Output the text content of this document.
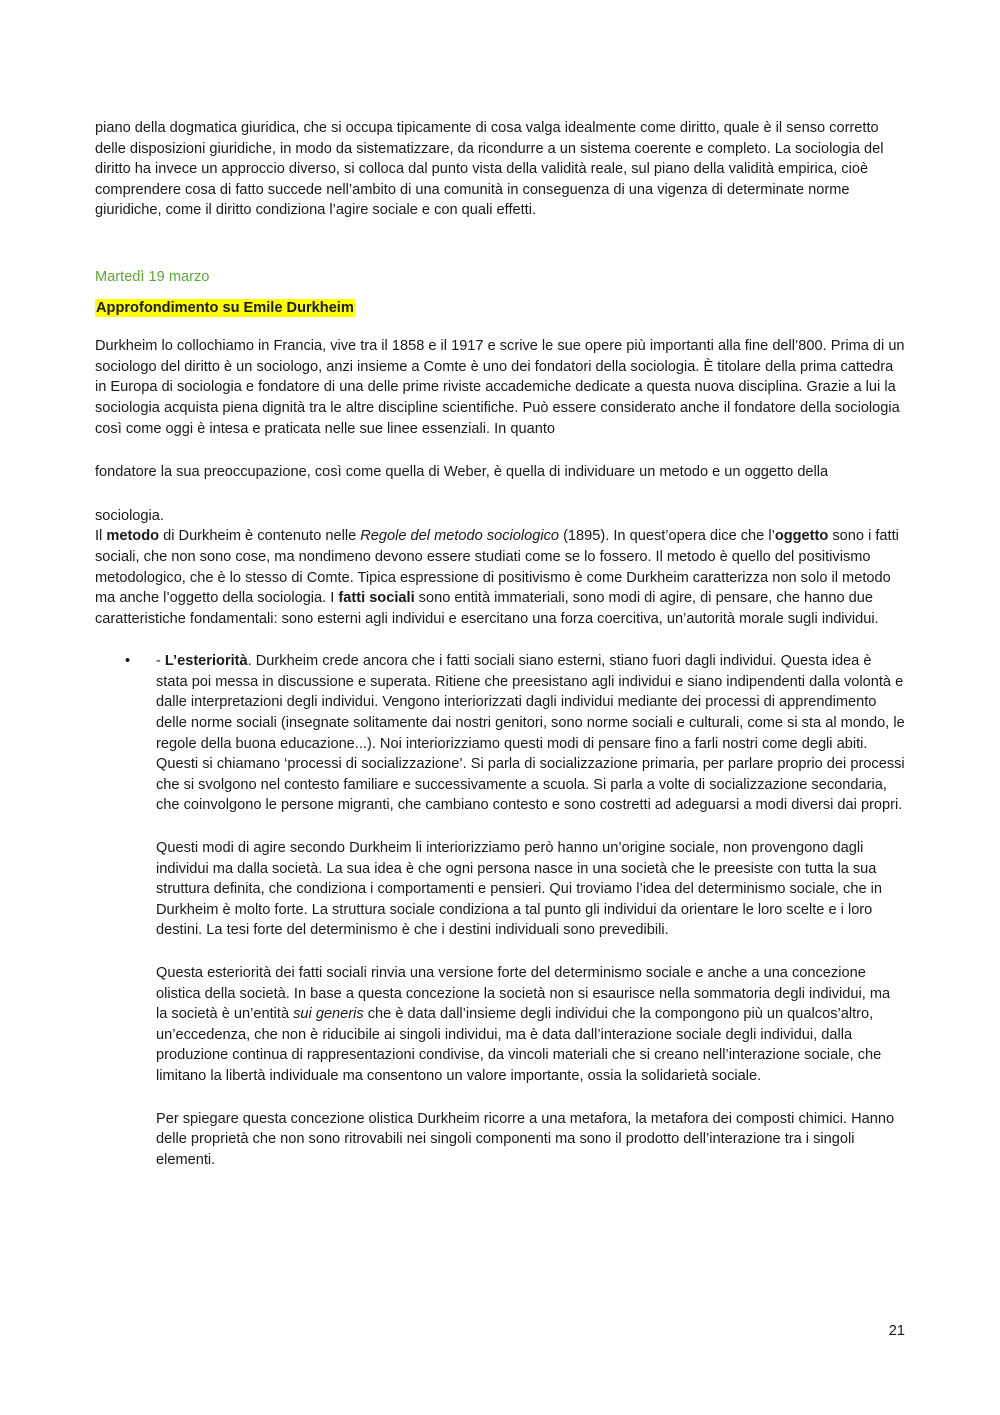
piano della dogmatica giuridica, che si occupa tipicamente di cosa valga idealmente come diritto, quale è il senso corretto delle disposizioni giuridiche, in modo da sistematizzare, da ricondurre a un sistema coerente e completo. La sociologia del diritto ha invece un approccio diverso, si colloca dal punto vista della validità reale, sul piano della validità empirica, cioè comprendere cosa di fatto succede nell’ambito di una comunità in conseguenza di una vigenza di determinate norme giuridiche, come il diritto condiziona l’agire sociale e con quali effetti.

Martedì 19 marzo

Approfondimento su Emile Durkheim

Durkheim lo collochiamo in Francia, vive tra il 1858 e il 1917 e scrive le sue opere più importanti alla fine dell’800. Prima di un sociologo del diritto è un sociologo, anzi insieme a Comte è uno dei fondatori della sociologia. È titolare della prima cattedra in Europa di sociologia e fondatore di una delle prime riviste accademiche dedicate a questa nuova disciplina. Grazie a lui la sociologia acquista piena dignità tra le altre discipline scientifiche. Può essere considerato anche il fondatore della sociologia così come oggi è intesa e praticata nelle sue linee essenziali. In quanto

fondatore la sua preoccupazione, così come quella di Weber, è quella di individuare un metodo e un oggetto della

sociologia.
Il metodo di Durkheim è contenuto nelle Regole del metodo sociologico (1895). In quest’opera dice che l’oggetto sono i fatti sociali, che non sono cose, ma nondimeno devono essere studiati come se lo fossero. Il metodo è quello del positivismo metodologico, che è lo stesso di Comte. Tipica espressione di positivismo è come Durkheim caratterizza non solo il metodo ma anche l’oggetto della sociologia. I fatti sociali sono entità immateriali, sono modi di agire, di pensare, che hanno due caratteristiche fondamentali: sono esterni agli individui e esercitano una forza coercitiva, un’autorità morale sugli individui.

• - L’esteriorità. Durkheim crede ancora che i fatti sociali siano esterni, stiano fuori dagli individui. Questa idea è stata poi messa in discussione e superata. Ritiene che preesistano agli individui e siano indipendenti dalla volontà e dalle interpretazioni degli individui. Vengono interiorizzati dagli individui mediante dei processi di apprendimento delle norme sociali (insegnate solitamente dai nostri genitori, sono norme sociali e culturali, come si sta al mondo, le regole della buona educazione...). Noi interiorizziamo questi modi di pensare fino a farli nostri come degli abiti. Questi si chiamano ‘processi di socializzazione’. Si parla di socializzazione primaria, per parlare proprio dei processi che si svolgono nel contesto familiare e successivamente a scuola. Si parla a volte di socializzazione secondaria, che coinvolgono le persone migranti, che cambiano contesto e sono costretti ad adeguarsi a modi diversi dai propri.

Questi modi di agire secondo Durkheim li interiorizziamo però hanno un’origine sociale, non provengono dagli individui ma dalla società. La sua idea è che ogni persona nasce in una società che le preesiste con tutta la sua struttura definita, che condiziona i comportamenti e pensieri. Qui troviamo l’idea del determinismo sociale, che in Durkheim è molto forte. La struttura sociale condiziona a tal punto gli individui da orientare le loro scelte e i loro destini. La tesi forte del determinismo è che i destini individuali sono prevedibili.

Questa esteriorità dei fatti sociali rinvia una versione forte del determinismo sociale e anche a una concezione olistica della società. In base a questa concezione la società non si esaurisce nella sommatoria degli individui, ma la società è un’entità sui generis che è data dall’insieme degli individui che la compongono più un qualcos’altro, un’eccedenza, che non è riducibile ai singoli individui, ma è data dall’interazione sociale degli individui, dalla produzione continua di rappresentazioni condivise, da vincoli materiali che si creano nell’interazione sociale, che limitano la libertà individuale ma consentono un valore importante, ossia la solidarietà sociale.

Per spiegare questa concezione olistica Durkheim ricorre a una metafora, la metafora dei composti chimici. Hanno delle proprietà che non sono ritrovabili nei singoli componenti ma sono il prodotto dell’interazione tra i singoli elementi.

21
